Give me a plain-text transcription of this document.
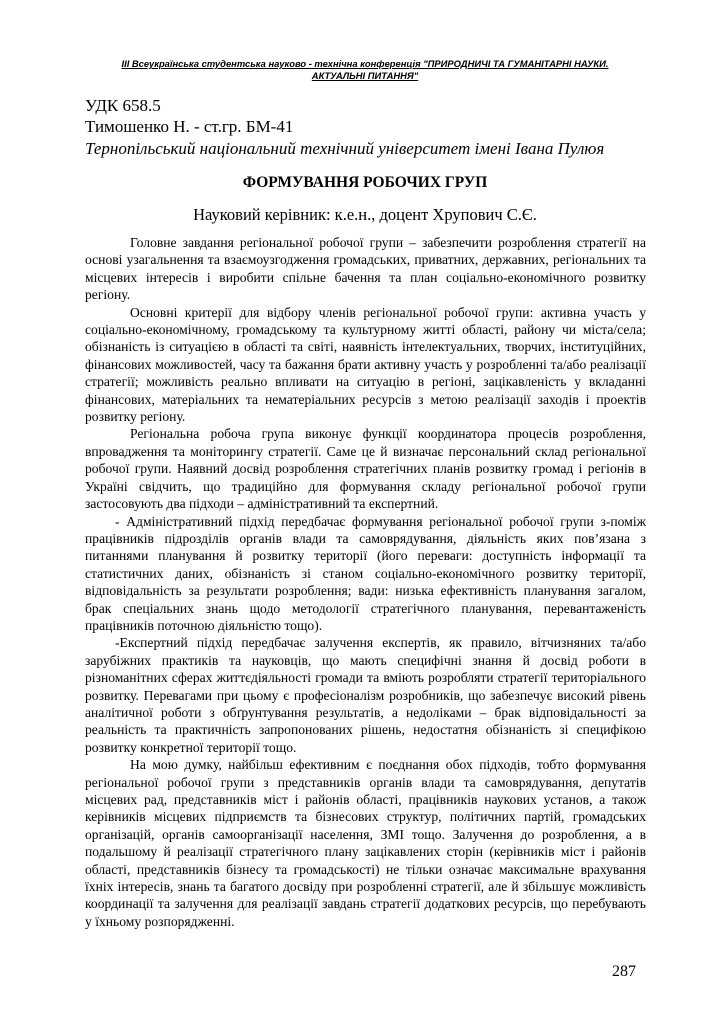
ІІІ Всеукраїнська студентська науково - технічна конференція "ПРИРОДНИЧІ ТА ГУМАНІТАРНІ НАУКИ.
АКТУАЛЬНІ ПИТАННЯ"
УДК 658.5
Тимошенко Н. - ст.гр. БМ-41
Тернопільський національний технічний університет імені Івана Пулюя
ФОРМУВАННЯ РОБОЧИХ ГРУП
Науковий керівник: к.е.н., доцент Хрупович С.Є.

Головне завдання регіональної робочої групи – забезпечити розроблення стратегії на основі узагальнення та взаємоузгодження громадських, приватних, державних, регіональних та місцевих інтересів і виробити спільне бачення та план соціально-економічного розвитку регіону.

Основні критерії для відбору членів регіональної робочої групи: активна участь у соціально-економічному, громадському та культурному житті області, району чи міста/села; обізнаність із ситуацією в області та світі, наявність інтелектуальних, творчих, інституційних, фінансових можливостей, часу та бажання брати активну участь у розробленні та/або реалізації стратегії; можливість реально впливати на ситуацію в регіоні, зацікавленість у вкладанні фінансових, матеріальних та нематеріальних ресурсів з метою реалізації заходів і проектів розвитку регіону.

Регіональна робоча група виконує функції координатора процесів розроблення, впровадження та моніторингу стратегії. Саме це й визначає персональний склад регіональної робочої групи. Наявний досвід розроблення стратегічних планів розвитку громад і регіонів в Україні свідчить, що традиційно для формування складу регіональної робочої групи застосовують два підходи – адміністративний та експертний.

- Адміністративний підхід передбачає формування регіональної робочої групи з-поміж працівників підрозділів органів влади та самоврядування, діяльність яких пов’язана з питаннями планування й розвитку території (його переваги: доступність інформації та статистичних даних, обізнаність зі станом соціально-економічного розвитку території, відповідальність за результати розроблення; вади: низька ефективність планування загалом, брак спеціальних знань щодо методології стратегічного планування, перевантаженість працівників поточною діяльністю тощо).

-Експертний підхід передбачає залучення експертів, як правило, вітчизняних та/або зарубіжних практиків та науковців, що мають специфічні знання й досвід роботи в різноманітних сферах життєдіяльності громади та вміють розробляти стратегії територіального розвитку. Перевагами при цьому є професіоналізм розробників, що забезпечує високий рівень аналітичної роботи з обґрунтування результатів, а недоліками – брак відповідальності за реальність та практичність запропонованих рішень, недостатня обізнаність зі специфікою розвитку конкретної території тощо.

На мою думку, найбільш ефективним є поєднання обох підходів, тобто формування регіональної робочої групи з представників органів влади та самоврядування, депутатів місцевих рад, представників міст і районів області, працівників наукових установ, а також керівників місцевих підприємств та бізнесових структур, політичних партій, громадських організацій, органів самоорганізації населення, ЗМІ тощо. Залучення до розроблення, а в подальшому й реалізації стратегічного плану зацікавлених сторін (керівників міст і районів області, представників бізнесу та громадськості) не тільки означає максимальне врахування їхніх інтересів, знань та багатого досвіду при розробленні стратегії, але й збільшує можливість координації та залучення для реалізації завдань стратегії додаткових ресурсів, що перебувають у їхньому розпорядженні.

287
